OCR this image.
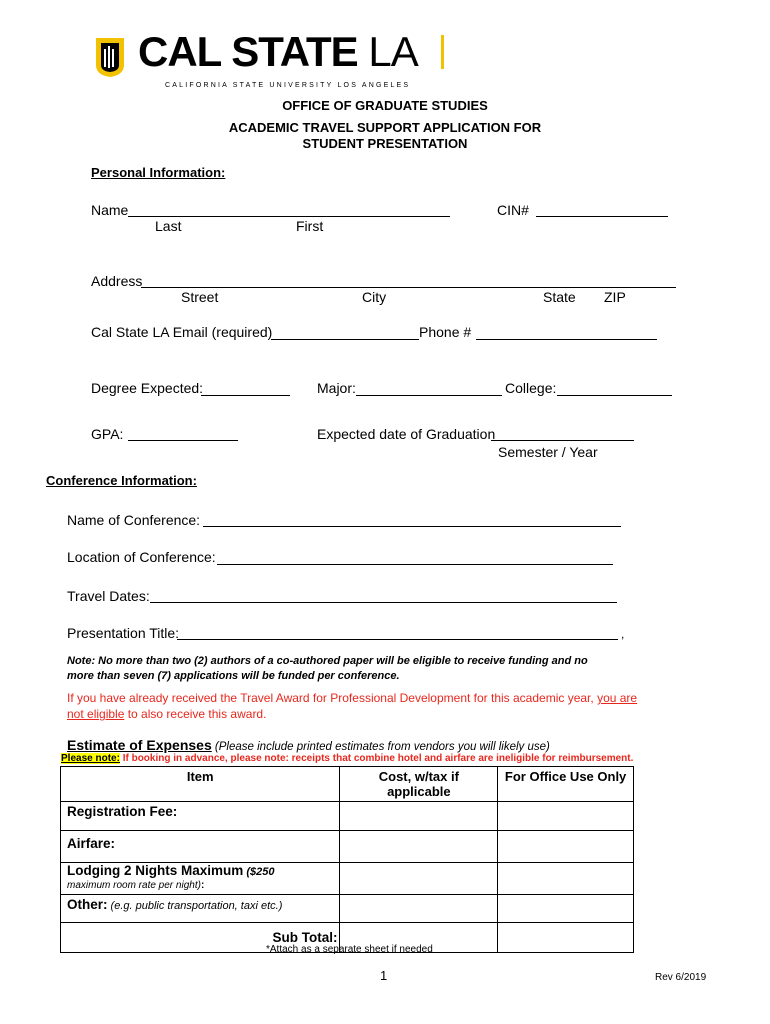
CAL STATE LA
CALIFORNIA STATE UNIVERSITY LOS ANGELES
OFFICE OF GRADUATE STUDIES
ACADEMIC TRAVEL SUPPORT APPLICATION FOR
STUDENT PRESENTATION
Personal Information:
Name
Last	First
CIN#
Address
Street	City	State ZIP
Cal State LA Email (required)	Phone #
Degree Expected:	Major:	College:
GPA:	Expected date of Graduation
Semester / Year
Conference Information:
Name of Conference:
Location of Conference:
Travel Dates:
Presentation Title:	,
Note: No more than two (2) authors of a co-authored paper will be eligible to receive funding and no
more than seven (7) applications will be funded per conference.
If you have already received the Travel Award for Professional Development for this academic year, you are
not eligible to also receive this award.
Estimate of Expenses (Please include printed estimates from vendors you will likely use)
Please note: If booking in advance, please note: receipts that combine hotel and airfare are ineligible for reimbursement.
Item	Cost, w/tax if applicable	For Office Use Only
Registration Fee:		
Airfare:		

Lodging 2 Nights Maximum ($250
maximum room rate per night):		

Other: (e.g. public transportation, taxi etc.)		
Sub Total:		
*Attach as a separate sheet if needed
1	Rev 6/2019
